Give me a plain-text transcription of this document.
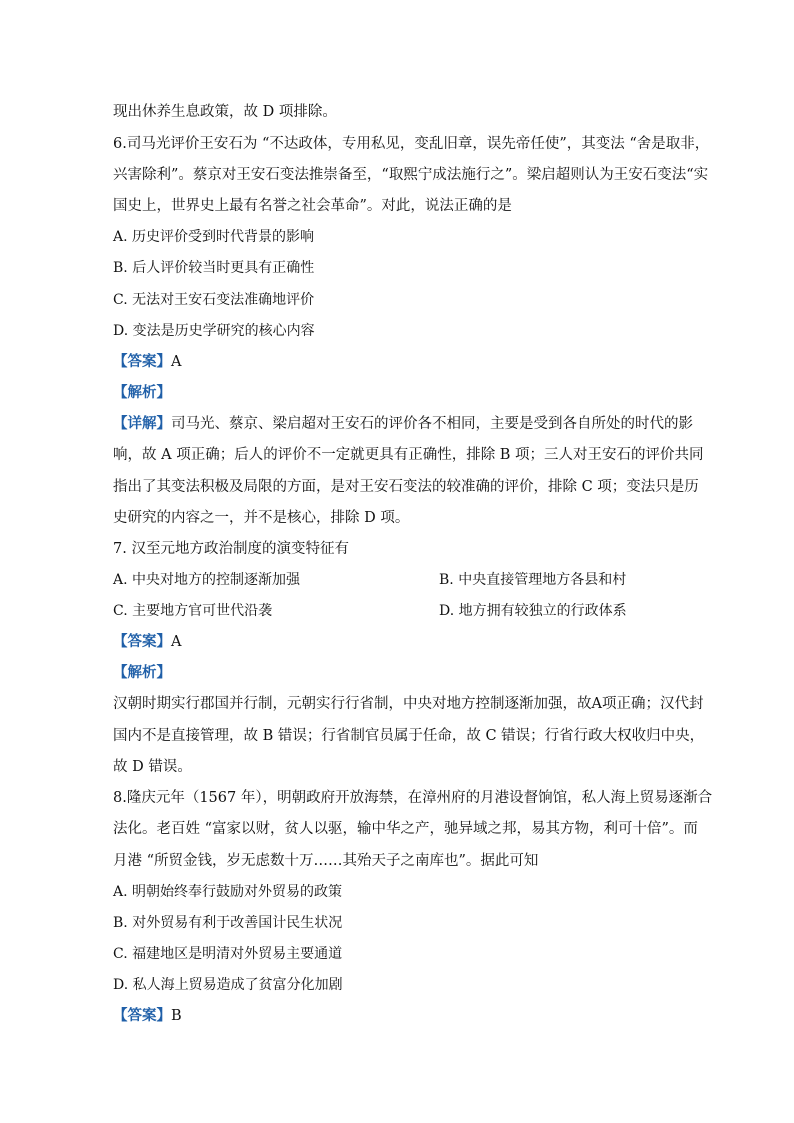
现出休养生息政策，故 D 项排除。
6.司马光评价王安石为 “不达政体，专用私见，变乱旧章，误先帝任使”，其变法 “舍是取非，
兴害除利”。蔡京对王安石变法推崇备至，“取熙宁成法施行之”。梁启超则认为王安石变法“实
国史上，世界史上最有名誉之社会革命”。对此，说法正确的是
A. 历史评价受到时代背景的影响
B. 后人评价较当时更具有正确性
C. 无法对王安石变法准确地评价
D. 变法是历史学研究的核心内容
【答案】A
【解析】
【详解】司马光、蔡京、梁启超对王安石的评价各不相同，主要是受到各自所处的时代的影
响，故 A 项正确；后人的评价不一定就更具有正确性，排除 B 项；三人对王安石的评价共同
指出了其变法积极及局限的方面，是对王安石变法的较准确的评价，排除 C 项；变法只是历
史研究的内容之一，并不是核心，排除 D 项。
7. 汉至元地方政治制度的演变特征有
A. 中央对地方的控制逐渐加强	B. 中央直接管理地方各县和村
C. 主要地方官可世代沿袭	D. 地方拥有较独立的行政体系
【答案】A
【解析】
汉朝时期实行郡国并行制，元朝实行行省制，中央对地方控制逐渐加强，故A项正确；汉代封
国内不是直接管理，故 B 错误；行省制官员属于任命，故 C 错误；行省行政大权收归中央，
故 D 错误。
8.隆庆元年（1567 年），明朝政府开放海禁，在漳州府的月港设督饷馆，私人海上贸易逐渐合
法化。老百姓 “富家以财，贫人以驱，输中华之产，驰异域之邦，易其方物，利可十倍”。而
月港 “所贸金钱，岁无虑数十万……其殆天子之南库也”。据此可知
A. 明朝始终奉行鼓励对外贸易的政策
B. 对外贸易有利于改善国计民生状况
C. 福建地区是明清对外贸易主要通道
D. 私人海上贸易造成了贫富分化加剧
【答案】B
